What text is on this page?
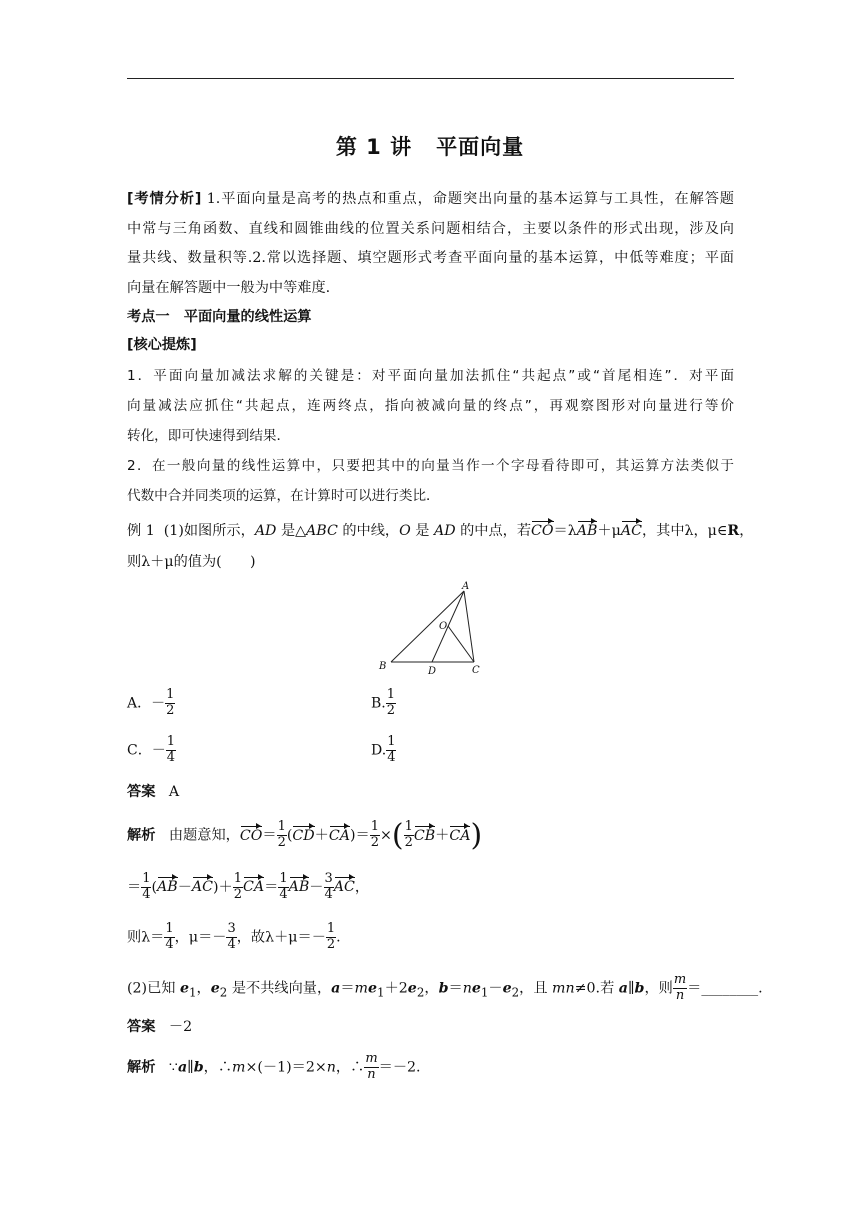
第 1 讲 平面向量
[考情分析] 1.平面向量是高考的热点和重点，命题突出向量的基本运算与工具性，在解答题
中常与三角函数、直线和圆锥曲线的位置关系问题相结合，主要以条件的形式出现，涉及向
量共线、数量积等.2.常以选择题、填空题形式考查平面向量的基本运算，中低等难度；平面
向量在解答题中一般为中等难度.
考点一　平面向量的线性运算
[核心提炼]
1．平面向量加减法求解的关键是：对平面向量加法抓住“共起点”或“首尾相连”．对平面
向量减法应抓住“共起点，连两终点，指向被减向量的终点”，再观察图形对向量进行等价
转化，即可快速得到结果．
2．在一般向量的线性运算中，只要把其中的向量当作一个字母看待即可，其运算方法类似于
代数中合并同类项的运算，在计算时可以进行类比．
例 1 (1)如图所示，AD 是△ABC 的中线，O 是 AD 的中点，若CO＝λAB＋μAC，其中λ，μ∈R，
则λ＋μ的值为(　　)
A
B	C
D
O
A．－ $\frac{1}{2}$	B. $\frac{1}{2}$
C．－ $\frac{1}{4}$	D. $\frac{1}{4}$
答案 A
解析 由题意知，$CO= \frac{1}{2} (CD+CA)= \frac{1}{2}$ ×( $\frac{1}{2} CB+CA$)
＝ $\frac{1}{4} (AB-AC)+ \frac{1}{2} CA= \frac{1}{4} AB- \frac{3}{4}$ AC，
则$\lambda= \frac{1}{4}$ ，$\mu=- \frac{3}{4}$ ，故$\lambda+\mu=- \frac{1}{2}$ .
(2)已知 $e_1$，$e_2$ 是不共线向量，$a=me_1+2e_2$，$b=ne_1-e_2$，且 mn≠0.若 a∥b，则 $\frac{m}{n}$ ＝________.
答案 －2
解析 ∵a∥b，∴m×(－1)＝2×n，∴ $\frac{m}{n} =-2$.
